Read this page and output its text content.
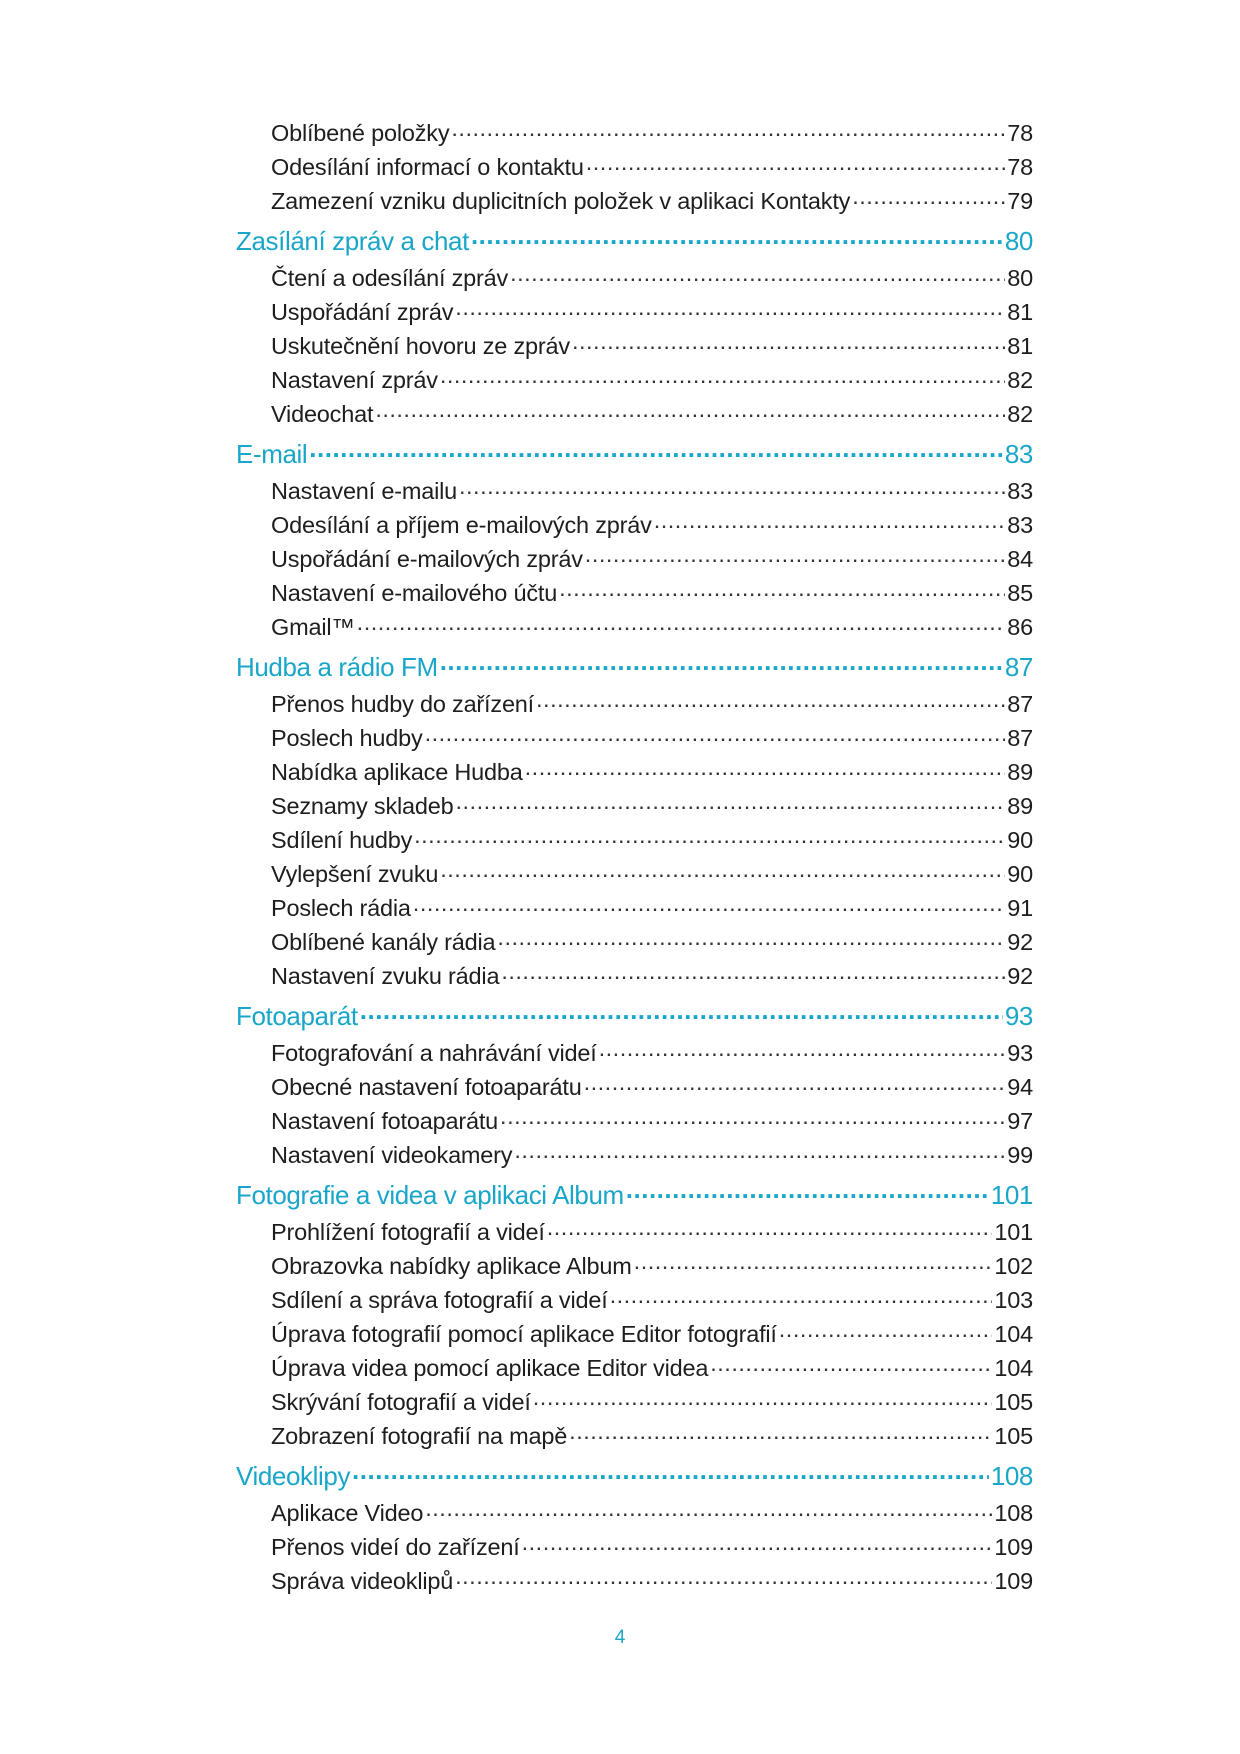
Oblíbené položky .....	78
Odesílání informací o kontaktu .....	78
Zamezení vzniku duplicitních položek v aplikaci Kontakty .....	79
Zasílání zpráv a chat .....	80
Čtení a odesílání zpráv .....	80
Uspořádání zpráv .....	81
Uskutečnění hovoru ze zpráv .....	81
Nastavení zpráv .....	82
Videochat .....	82
E-mail .....	83
Nastavení e-mailu .....	83
Odesílání a příjem e-mailových zpráv .....	83
Uspořádání e-mailových zpráv .....	84
Nastavení e-mailového účtu .....	85
Gmail™ .....	86
Hudba a rádio FM .....	87
Přenos hudby do zařízení .....	87
Poslech hudby .....	87
Nabídka aplikace Hudba .....	89
Seznamy skladeb .....	89
Sdílení hudby .....	90
Vylepšení zvuku .....	90
Poslech rádia .....	91
Oblíbené kanály rádia .....	92
Nastavení zvuku rádia .....	92
Fotoaparát .....	93
Fotografování a nahrávání videí .....	93
Obecné nastavení fotoaparátu .....	94
Nastavení fotoaparátu .....	97
Nastavení videokamery .....	99
Fotografie a videa v aplikaci Album .....	101
Prohlížení fotografií a videí .....	101
Obrazovka nabídky aplikace Album .....	102
Sdílení a správa fotografií a videí .....	103
Úprava fotografií pomocí aplikace Editor fotografií .....	104
Úprava videa pomocí aplikace Editor videa .....	104
Skrývání fotografií a videí .....	105
Zobrazení fotografií na mapě .....	105
Videoklipy .....	108
Aplikace Video .....	108
Přenos videí do zařízení .....	109
Správa videoklipů .....	109
4
